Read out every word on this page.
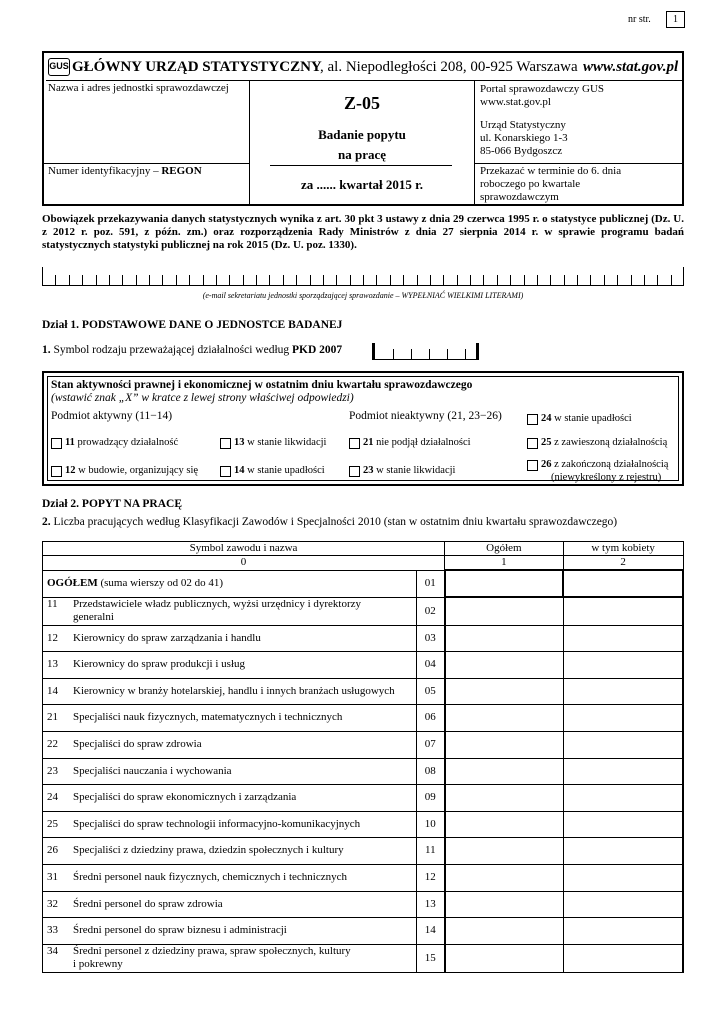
nr str.	1
GUS GŁÓWNY URZĄD STATYSTYCZNY
, al. Niepodległości 208, 00-925 Warszawa www.stat.gov.pl
Nazwa i adres jednostki sprawozdawczej
Numer identyfikacyjny – REGON
Z-05
Badanie popytu
na pracę
za ...... kwartał 2015 r.
Portal sprawozdawczy GUS
www.stat.gov.pl
Urząd Statystyczny
ul. Konarskiego 1-3
85-066 Bydgoszcz
Przekazać w terminie do 6. dnia
roboczego po kwartale
sprawozdawczym
Obowiązek przekazywania danych statystycznych wynika z art. 30 pkt 3 ustawy z dnia 29 czerwca 1995 r. o statystyce publicznej (Dz. U. z 2012 r. poz. 591, z późn. zm.) oraz rozporządzenia Rady Ministrów z dnia 27 sierpnia 2014 r. w sprawie programu badań statystycznych statystyki publicznej na rok 2015 (Dz. U. poz. 1330).
(e-mail sekretariatu jednostki sporządzającej sprawozdanie – WYPEŁNIAĆ WIELKIMI LITERAMI)
Dział 1. PODSTAWOWE DANE O JEDNOSTCE BADANEJ
1. Symbol rodzaju przeważającej działalności według PKD 2007
Stan aktywności prawnej i ekonomicznej w ostatnim dniu kwartału sprawozdawczego
(wstawić znak „X” w kratce z lewej strony właściwej odpowiedzi)
Podmiot aktywny (11−14)	Podmiot nieaktywny (21, 23−26)
11 prowadzący działalność
12 w budowie, organizujący się
13 w stanie likwidacji
14 w stanie upadłości
21 nie podjął działalności
23 w stanie likwidacji
24 w stanie upadłości
25 z zawieszoną działalnością
26 z zakończoną działalnością
(niewykreślony z rejestru)
Dział 2. POPYT NA PRACĘ
2. Liczba pracujących według Klasyfikacji Zawodów i Specjalności 2010 (stan w ostatnim dniu kwartału sprawozdawczego)
Symbol zawodu i nazwa		Ogółem	w tym kobiety
0		1	2
OGÓŁEM (suma wierszy od 02 do 41)	01		
11 Przedstawiciele władz publicznych, wyżsi urzędnicy i dyrektorzy
generalni	02		
12 Kierownicy do spraw zarządzania i handlu	03		
13 Kierownicy do spraw produkcji i usług	04		
14 Kierownicy w branży hotelarskiej, handlu i innych branżach usługowych	05		
21 Specjaliści nauk fizycznych, matematycznych i technicznych	06		
22 Specjaliści do spraw zdrowia	07		
23 Specjaliści nauczania i wychowania	08		
24 Specjaliści do spraw ekonomicznych i zarządzania	09		
25 Specjaliści do spraw technologii informacyjno-komunikacyjnych	10		
26 Specjaliści z dziedziny prawa, dziedzin społecznych i kultury	11		
31 Średni personel nauk fizycznych, chemicznych i technicznych	12		
32 Średni personel do spraw zdrowia	13		
33 Średni personel do spraw biznesu i administracji	14		
34 Średni personel z dziedziny prawa, spraw społecznych, kultury
i pokrewny	15		
